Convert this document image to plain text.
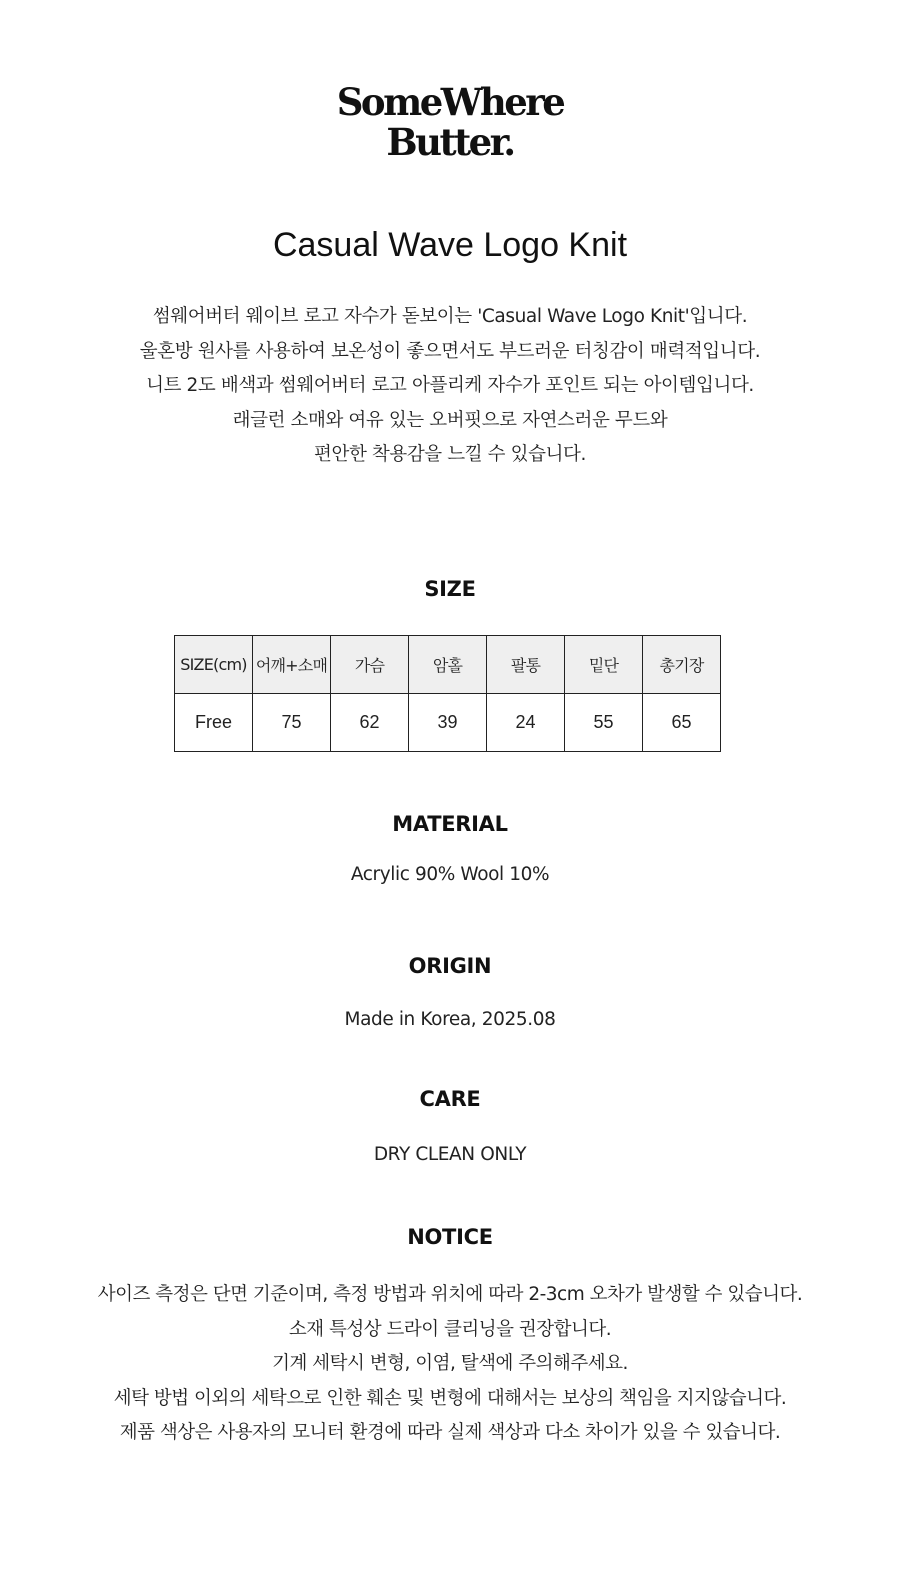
SomeWhere
Butter.
Casual Wave Logo Knit
썸웨어버터 웨이브 로고 자수가 돋보이는 'Casual Wave Logo Knit'입니다.
울혼방 원사를 사용하여 보온성이 좋으면서도 부드러운 터칭감이 매력적입니다.
니트 2도 배색과 썸웨어버터 로고 아플리케 자수가 포인트 되는 아이템입니다.
래글런 소매와 여유 있는 오버핏으로 자연스러운 무드와
편안한 착용감을 느낄 수 있습니다.
SIZE
SIZE(cm)	어깨+소매	가슴	암홀	팔통	밑단	총기장
Free	75	62	39	24	55	65
MATERIAL
Acrylic 90% Wool 10%
ORIGIN
Made in Korea, 2025.08
CARE
DRY CLEAN ONLY
NOTICE
사이즈 측정은 단면 기준이며, 측정 방법과 위치에 따라 2-3cm 오차가 발생할 수 있습니다.
소재 특성상 드라이 클리닝을 권장합니다.
기계 세탁시 변형, 이염, 탈색에 주의해주세요.
세탁 방법 이외의 세탁으로 인한 훼손 및 변형에 대해서는 보상의 책임을 지지않습니다.
제품 색상은 사용자의 모니터 환경에 따라 실제 색상과 다소 차이가 있을 수 있습니다.
